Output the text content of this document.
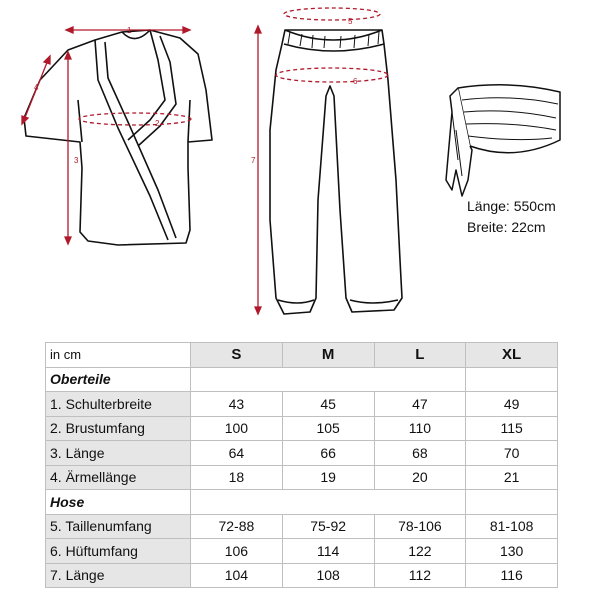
1
2
3
4
5
6
7
Länge: 550cm
Breite: 22cm
in cm	S	M	L	XL
Oberteile				
1. Schulterbreite	43	45	47	49
2. Brustumfang	100	105	110	115
3. Länge	64	66	68	70
4. Ärmellänge	18	19	20	21
Hose				
5. Taillenumfang	72-88	75-92	78-106	81-108
6. Hüftumfang	106	114	122	130
7. Länge	104	108	112	116
